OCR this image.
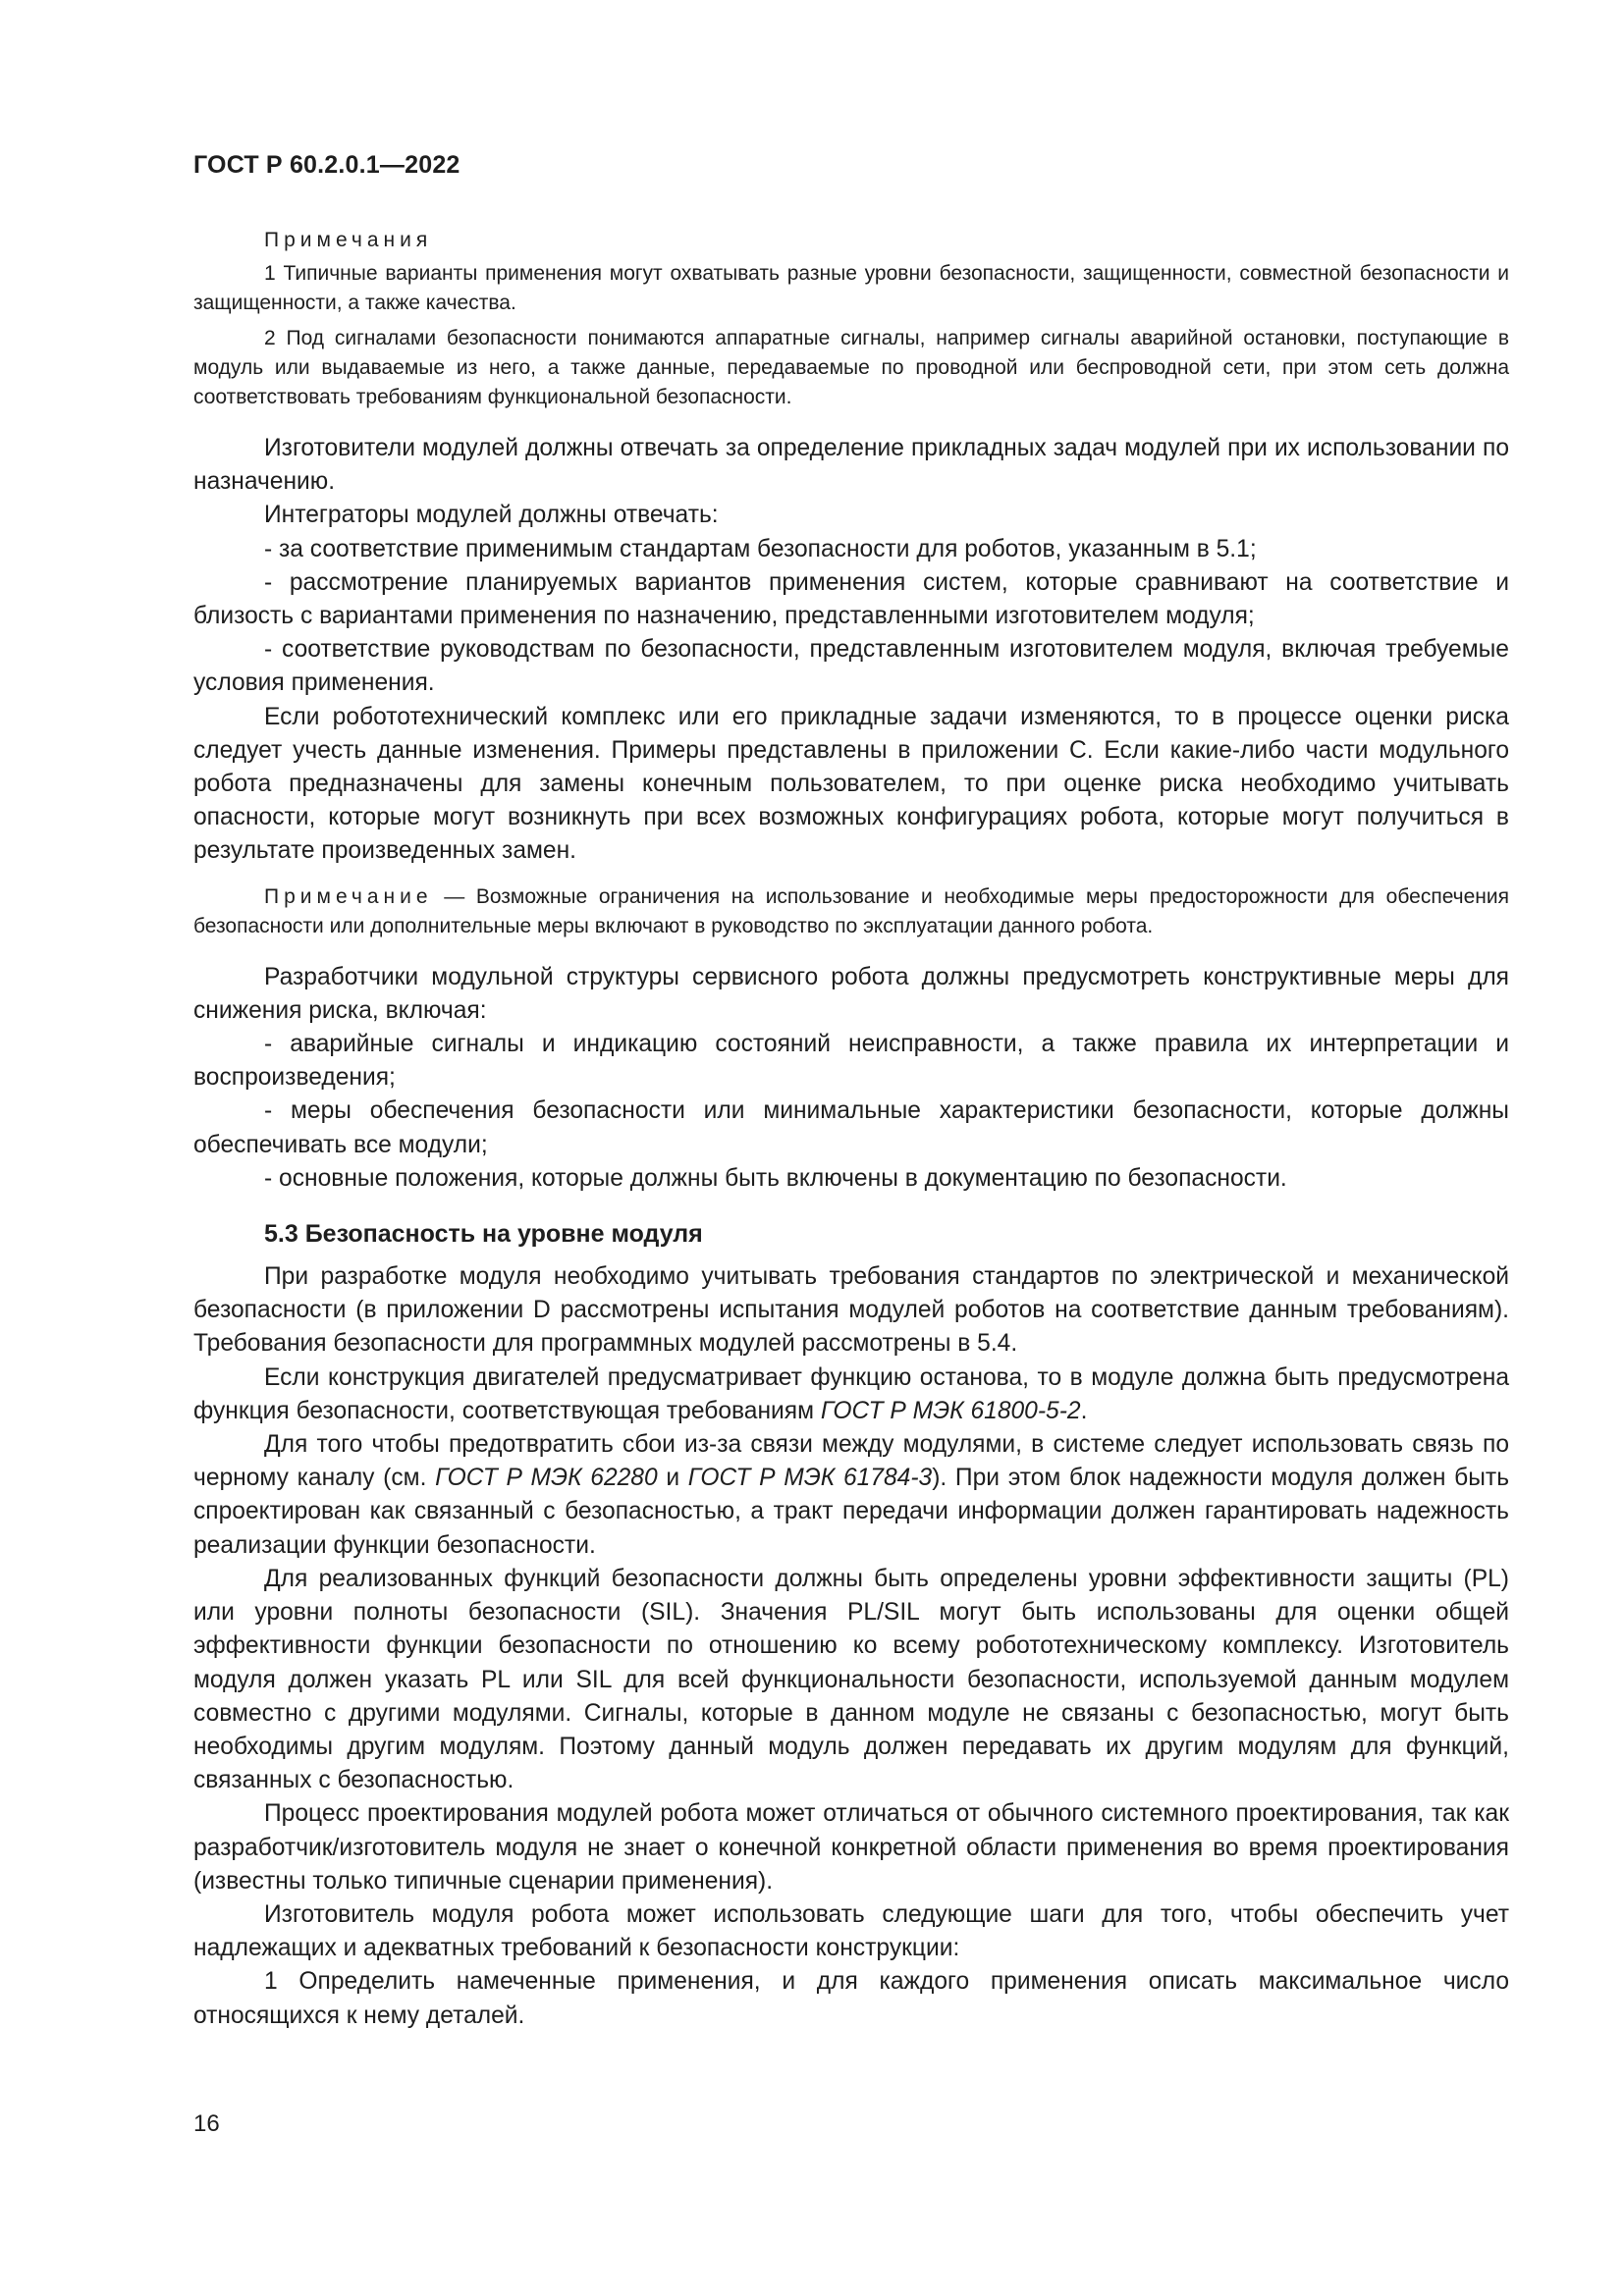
ГОСТ Р 60.2.0.1—2022
Примечания

1 Типичные варианты применения могут охватывать разные уровни безопасности, защищенности, совместной безопасности и защищенности, а также качества.

2 Под сигналами безопасности понимаются аппаратные сигналы, например сигналы аварийной остановки, поступающие в модуль или выдаваемые из него, а также данные, передаваемые по проводной или беспроводной сети, при этом сеть должна соответствовать требованиям функциональной безопасности.

Изготовители модулей должны отвечать за определение прикладных задач модулей при их использовании по назначению.

Интеграторы модулей должны отвечать:

- за соответствие применимым стандартам безопасности для роботов, указанным в 5.1;

- рассмотрение планируемых вариантов применения систем, которые сравнивают на соответствие и близость с вариантами применения по назначению, представленными изготовителем модуля;

- соответствие руководствам по безопасности, представленным изготовителем модуля, включая требуемые условия применения.

Если робототехнический комплекс или его прикладные задачи изменяются, то в процессе оценки риска следует учесть данные изменения. Примеры представлены в приложении C. Если какие-либо части модульного робота предназначены для замены конечным пользователем, то при оценке риска необходимо учитывать опасности, которые могут возникнуть при всех возможных конфигурациях робота, которые могут получиться в результате произведенных замен.

Примечание — Возможные ограничения на использование и необходимые меры предосторожности для обеспечения безопасности или дополнительные меры включают в руководство по эксплуатации данного робота.

Разработчики модульной структуры сервисного робота должны предусмотреть конструктивные меры для снижения риска, включая:

- аварийные сигналы и индикацию состояний неисправности, а также правила их интерпретации и воспроизведения;

- меры обеспечения безопасности или минимальные характеристики безопасности, которые должны обеспечивать все модули;

- основные положения, которые должны быть включены в документацию по безопасности.

5.3 Безопасность на уровне модуля

При разработке модуля необходимо учитывать требования стандартов по электрической и механической безопасности (в приложении D рассмотрены испытания модулей роботов на соответствие данным требованиям). Требования безопасности для программных модулей рассмотрены в 5.4.

Если конструкция двигателей предусматривает функцию останова, то в модуле должна быть предусмотрена функция безопасности, соответствующая требованиям ГОСТ Р МЭК 61800-5-2.

Для того чтобы предотвратить сбои из-за связи между модулями, в системе следует использовать связь по черному каналу (см. ГОСТ Р МЭК 62280 и ГОСТ Р МЭК 61784-3). При этом блок надежности модуля должен быть спроектирован как связанный с безопасностью, а тракт передачи информации должен гарантировать надежность реализации функции безопасности.

Для реализованных функций безопасности должны быть определены уровни эффективности защиты (PL) или уровни полноты безопасности (SIL). Значения PL/SIL могут быть использованы для оценки общей эффективности функции безопасности по отношению ко всему робототехническому комплексу. Изготовитель модуля должен указать PL или SIL для всей функциональности безопасности, используемой данным модулем совместно с другими модулями. Сигналы, которые в данном модуле не связаны с безопасностью, могут быть необходимы другим модулям. Поэтому данный модуль должен передавать их другим модулям для функций, связанных с безопасностью.

Процесс проектирования модулей робота может отличаться от обычного системного проектирования, так как разработчик/изготовитель модуля не знает о конечной конкретной области применения во время проектирования (известны только типичные сценарии применения).

Изготовитель модуля робота может использовать следующие шаги для того, чтобы обеспечить учет надлежащих и адекватных требований к безопасности конструкции:

1 Определить намеченные применения, и для каждого применения описать максимальное число относящихся к нему деталей.

16
